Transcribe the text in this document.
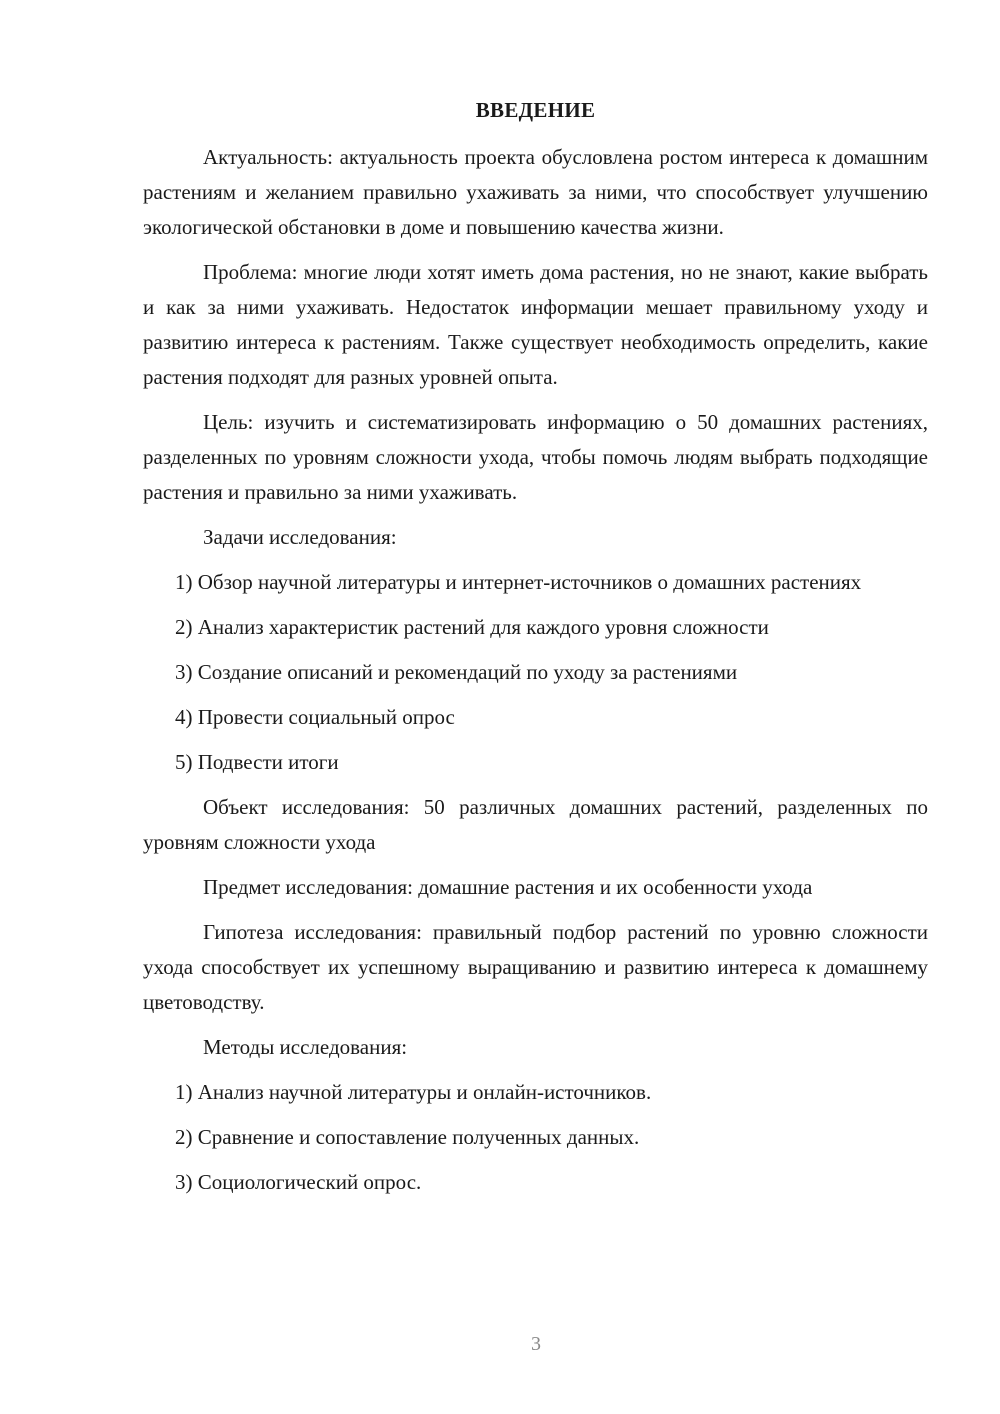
ВВЕДЕНИЕ

Актуальность: актуальность проекта обусловлена ростом интереса к домашним растениям и желанием правильно ухаживать за ними, что способствует улучшению экологической обстановки в доме и повышению качества жизни.

Проблема: многие люди хотят иметь дома растения, но не знают, какие выбрать и как за ними ухаживать. Недостаток информации мешает правильному уходу и развитию интереса к растениям. Также существует необходимость определить, какие растения подходят для разных уровней опыта.

Цель: изучить и систематизировать информацию о 50 домашних растениях, разделенных по уровням сложности ухода, чтобы помочь людям выбрать подходящие растения и правильно за ними ухаживать.

Задачи исследования:

1) Обзор научной литературы и интернет-источников о домашних растениях

2) Анализ характеристик растений для каждого уровня сложности

3) Создание описаний и рекомендаций по уходу за растениями

4) Провести социальный опрос

5) Подвести итоги

Объект исследования: 50 различных домашних растений, разделенных по уровням сложности ухода

Предмет исследования: домашние растения и их особенности ухода

Гипотеза исследования: правильный подбор растений по уровню сложности ухода способствует их успешному выращиванию и развитию интереса к домашнему цветоводству.

Методы исследования:

1) Анализ научной литературы и онлайн-источников.

2) Сравнение и сопоставление полученных данных.

3) Социологический опрос.

3
